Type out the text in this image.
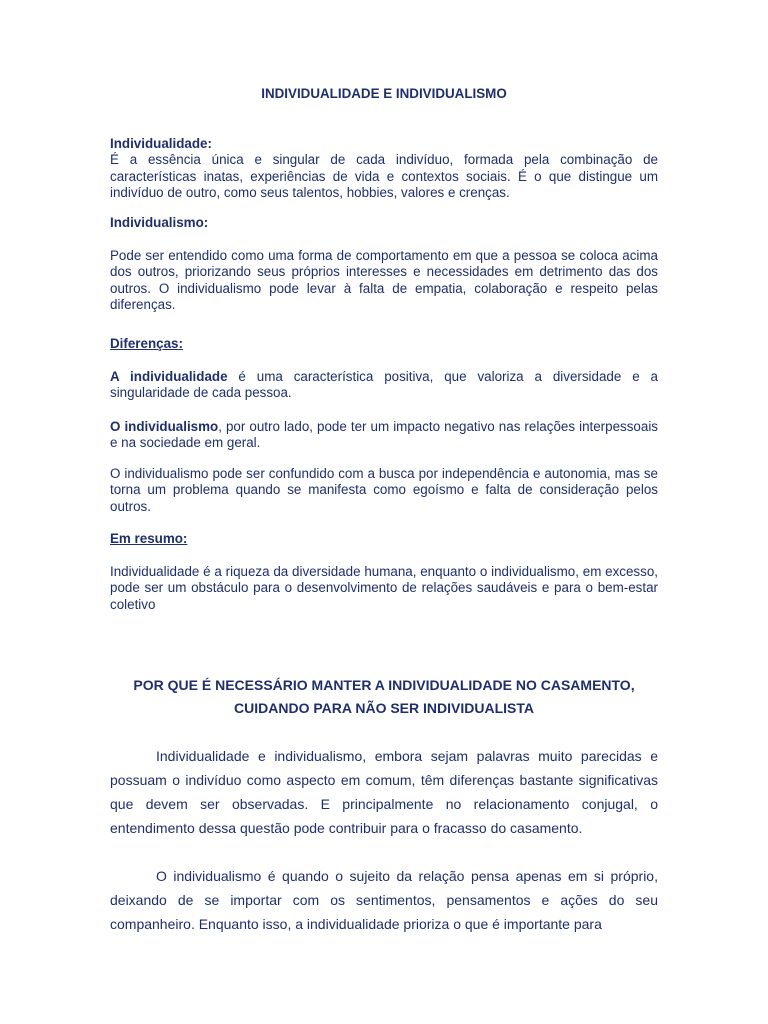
INDIVIDUALIDADE E INDIVIDUALISMO
Individualidade:
É a essência única e singular de cada indivíduo, formada pela combinação de características inatas, experiências de vida e contextos sociais. É o que distingue um indivíduo de outro, como seus talentos, hobbies, valores e crenças.
Individualismo:
Pode ser entendido como uma forma de comportamento em que a pessoa se coloca acima dos outros, priorizando seus próprios interesses e necessidades em detrimento das dos outros. O individualismo pode levar à falta de empatia, colaboração e respeito pelas diferenças.
Diferenças:
A individualidade é uma característica positiva, que valoriza a diversidade e a singularidade de cada pessoa.
O individualismo, por outro lado, pode ter um impacto negativo nas relações interpessoais e na sociedade em geral.
O individualismo pode ser confundido com a busca por independência e autonomia, mas se torna um problema quando se manifesta como egoísmo e falta de consideração pelos outros.
Em resumo:
Individualidade é a riqueza da diversidade humana, enquanto o individualismo, em excesso, pode ser um obstáculo para o desenvolvimento de relações saudáveis e para o bem-estar coletivo
POR QUE É NECESSÁRIO MANTER A INDIVIDUALIDADE NO CASAMENTO,
CUIDANDO PARA NÃO SER INDIVIDUALISTA
Individualidade e individualismo, embora sejam palavras muito parecidas e possuam o indivíduo como aspecto em comum, têm diferenças bastante significativas que devem ser observadas. E principalmente no relacionamento conjugal, o entendimento dessa questão pode contribuir para o fracasso do casamento.
O individualismo é quando o sujeito da relação pensa apenas em si próprio, deixando de se importar com os sentimentos, pensamentos e ações do seu companheiro. Enquanto isso, a individualidade prioriza o que é importante para
